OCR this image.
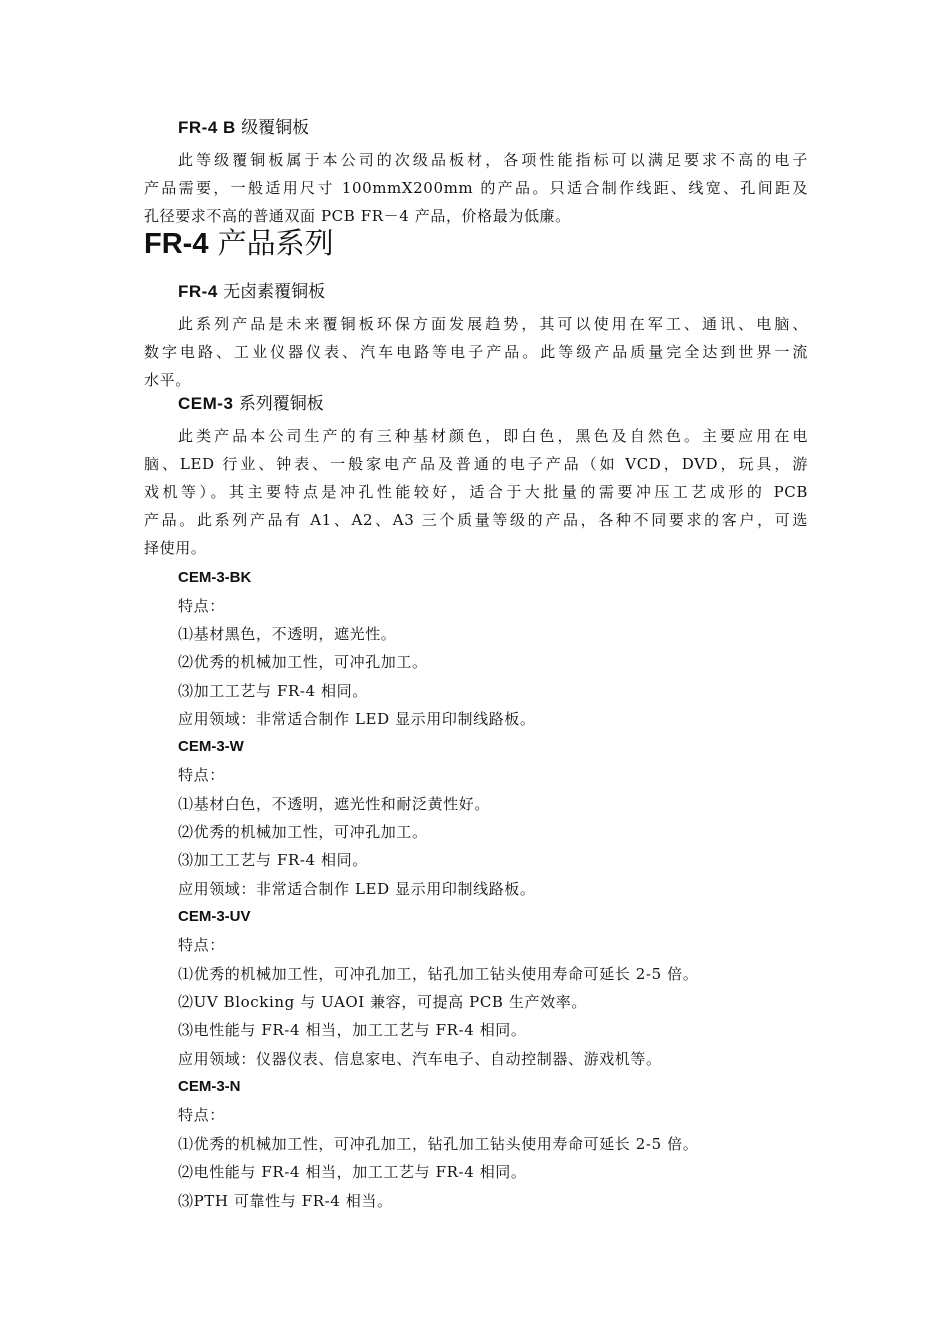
FR-4 B 级覆铜板
此等级覆铜板属于本公司的次级品板材，各项性能指标可以满足要求不高的电子
产品需要，一般适用尺寸 100mmX200mm 的产品。只适合制作线距、线宽、孔间距及
孔径要求不高的普通双面 PCB FR－4 产品，价格最为低廉。
FR-4 产品系列
FR-4 无卤素覆铜板
此系列产品是未来覆铜板环保方面发展趋势，其可以使用在军工、通讯、电脑、
数字电路、工业仪器仪表、汽车电路等电子产品。此等级产品质量完全达到世界一流
水平。
CEM-3 系列覆铜板
此类产品本公司生产的有三种基材颜色，即白色，黑色及自然色。主要应用在电
脑、LED 行业、钟表、一般家电产品及普通的电子产品（如 VCD，DVD，玩具，游
戏机等）。其主要特点是冲孔性能较好，适合于大批量的需要冲压工艺成形的 PCB
产品。此系列产品有 A1、A2、A3 三个质量等级的产品，各种不同要求的客户，可选
择使用。
CEM-3-BK
特点：
⑴基材黑色，不透明，遮光性。
⑵优秀的机械加工性，可冲孔加工。
⑶加工工艺与 FR-4 相同。
应用领域：非常适合制作 LED 显示用印制线路板。
CEM-3-W
特点：
⑴基材白色，不透明，遮光性和耐泛黄性好。
⑵优秀的机械加工性，可冲孔加工。
⑶加工工艺与 FR-4 相同。
应用领域：非常适合制作 LED 显示用印制线路板。
CEM-3-UV
特点：
⑴优秀的机械加工性，可冲孔加工，钻孔加工钻头使用寿命可延长 2-5 倍。
⑵UV Blocking 与 UAOI 兼容，可提高 PCB 生产效率。
⑶电性能与 FR-4 相当，加工工艺与 FR-4 相同。
应用领域：仪器仪表、信息家电、汽车电子、自动控制器、游戏机等。
CEM-3-N
特点：
⑴优秀的机械加工性，可冲孔加工，钻孔加工钻头使用寿命可延长 2-5 倍。
⑵电性能与 FR-4 相当，加工工艺与 FR-4 相同。
⑶PTH 可靠性与 FR-4 相当。
